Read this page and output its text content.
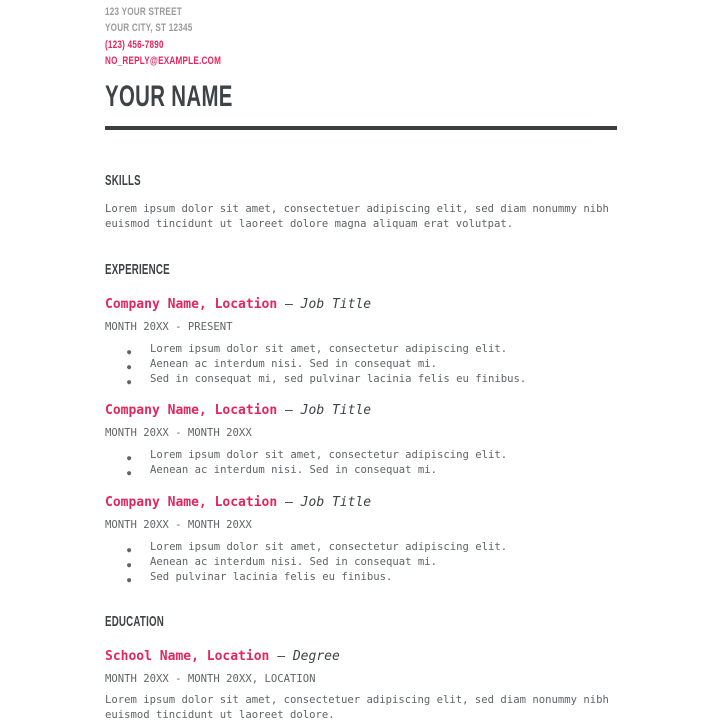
123 YOUR STREET
YOUR CITY, ST 12345
(123) 456-7890
NO_REPLY@EXAMPLE.COM
YOUR NAME
SKILLS
Lorem ipsum dolor sit amet, consectetuer adipiscing elit, sed diam nonummy nibh euismod tincidunt ut laoreet dolore magna aliquam erat volutpat.
EXPERIENCE
Company Name, Location — Job Title
MONTH 20XX - PRESENT
● Lorem ipsum dolor sit amet, consectetur adipiscing elit.
● Aenean ac interdum nisi. Sed in consequat mi.
● Sed in consequat mi, sed pulvinar lacinia felis eu finibus.
Company Name, Location — Job Title
MONTH 20XX - MONTH 20XX
● Lorem ipsum dolor sit amet, consectetur adipiscing elit.
● Aenean ac interdum nisi. Sed in consequat mi.
Company Name, Location — Job Title
MONTH 20XX - MONTH 20XX
● Lorem ipsum dolor sit amet, consectetur adipiscing elit.
● Aenean ac interdum nisi. Sed in consequat mi.
● Sed pulvinar lacinia felis eu finibus.
EDUCATION
School Name, Location — Degree
MONTH 20XX - MONTH 20XX, LOCATION
Lorem ipsum dolor sit amet, consectetuer adipiscing elit, sed diam nonummy nibh euismod tincidunt ut laoreet dolore.
